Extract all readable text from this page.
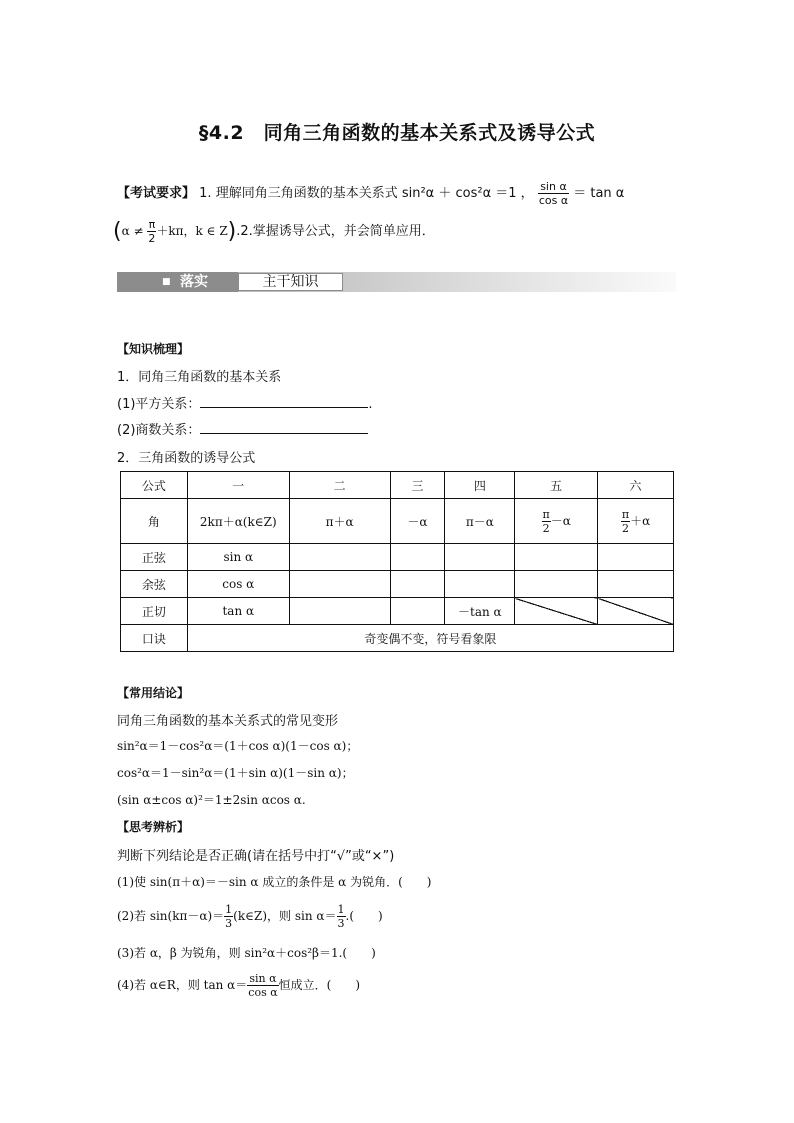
§4.2　同角三角函数的基本关系式及诱导公式
【考试要求】 1. 理解同角三角函数的基本关系式 sin²α ＋ cos²α ＝1 ， $\frac{\text{sin α}}{\text{cos α}} = \tan \alpha$
($\alpha \ne \frac{\pi}{2} +k\pi$，k ∈ Z).2.掌握诱导公式，并会简单应用．
■ 落实	主干知识
【知识梳理】
1．同角三角函数的基本关系
(1)平方关系：	.
(2)商数关系：
2．三角函数的诱导公式
公式	一	二	三	四	五	六
角	2kπ＋α(k∈Z)	π＋α	－α	π－α	$\frac{\pi}{2} -\alpha$	$\frac{\pi}{2} +\alpha$
正弦	sin α					
余弦	cos α					
正切	tan α			－tan α		
口诀	奇变偶不变，符号看象限					
【常用结论】
同角三角函数的基本关系式的常见变形
sin²α＝1－cos²α＝(1＋cos α)(1－cos α)；
cos²α＝1－sin²α＝(1＋sin α)(1－sin α)；
(sin α±cos α)²＝1±2sin αcos α.
【思考辨析】
判断下列结论是否正确(请在括号中打“√”或“×”)
(1)使 sin(π＋α)＝－sin α 成立的条件是 α 为锐角．(　　)
(2)若 $\sin(k\pi-\alpha)= \frac{1}{3}$ (k∈Z)，则 $\sin \alpha= \frac{1}{3}$ .(　　)
(3)若 α，β 为锐角，则 sin²α＋cos²β＝1.(　　)
(4)若 α∈R，则 $\tan \alpha= \frac{\text{sin α}}{\text{cos α}}$ 恒成立．(　　)
